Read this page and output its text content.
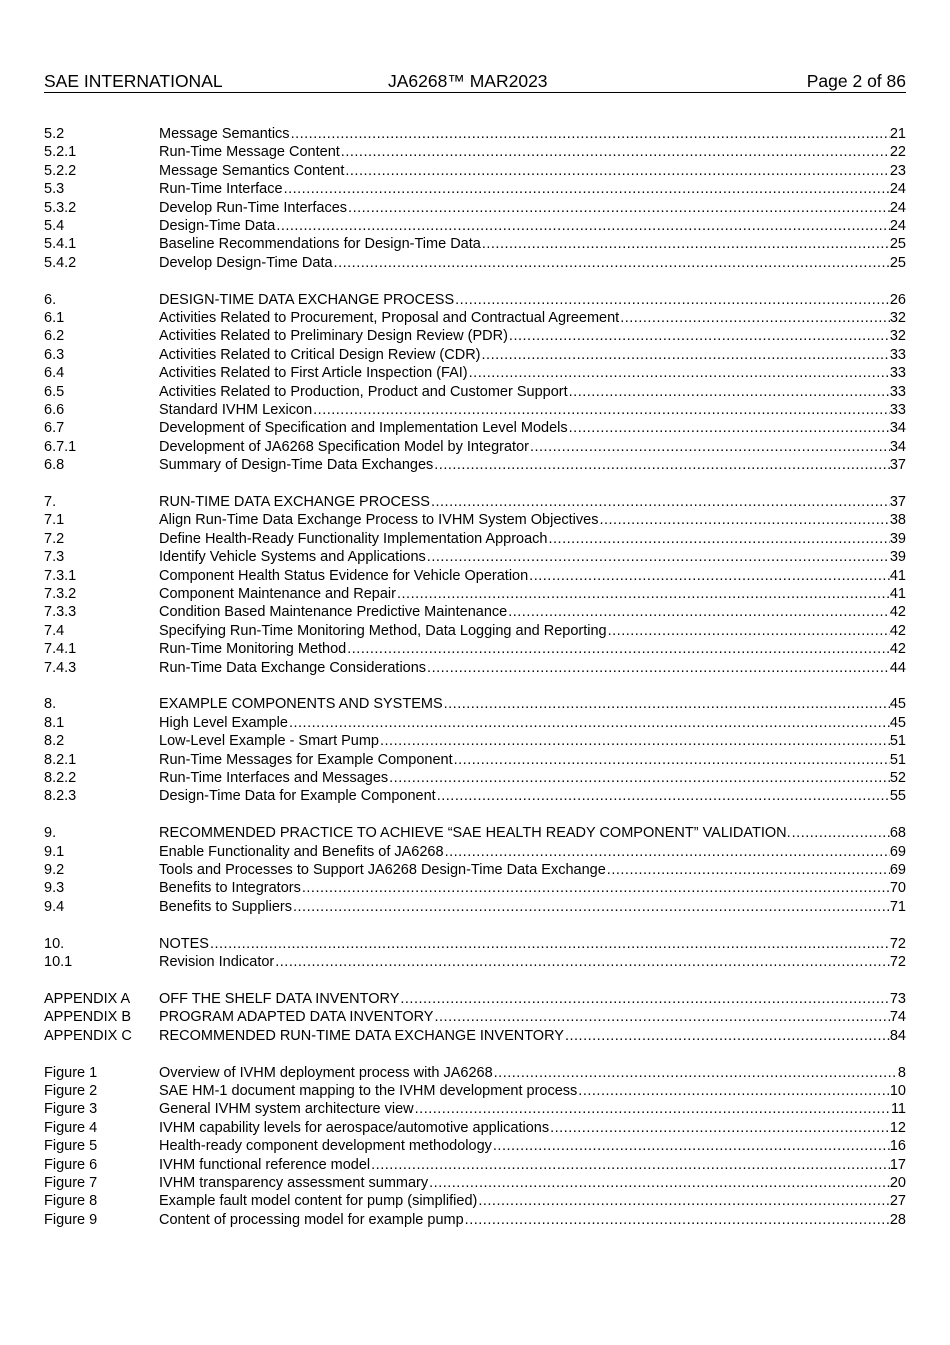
SAE INTERNATIONAL	JA6268™ MAR2023	Page 2 of 86
5.2	Message Semantics .....	21
5.2.1	Run-Time Message Content .....	22
5.2.2	Message Semantics Content .....	23
5.3	Run-Time Interface .....	24
5.3.2	Develop Run-Time Interfaces .....	24
5.4	Design-Time Data .....	24
5.4.1	Baseline Recommendations for Design-Time Data .....	25
5.4.2	Develop Design-Time Data .....	25
6.	DESIGN-TIME DATA EXCHANGE PROCESS .....	26
6.1	Activities Related to Procurement, Proposal and Contractual Agreement .....	32
6.2	Activities Related to Preliminary Design Review (PDR) .....	32
6.3	Activities Related to Critical Design Review (CDR) .....	33
6.4	Activities Related to First Article Inspection (FAI) .....	33
6.5	Activities Related to Production, Product and Customer Support .....	33
6.6	Standard IVHM Lexicon .....	33
6.7	Development of Specification and Implementation Level Models .....	34
6.7.1	Development of JA6268 Specification Model by Integrator .....	34
6.8	Summary of Design-Time Data Exchanges .....	37
7.	RUN-TIME DATA EXCHANGE PROCESS .....	37
7.1	Align Run-Time Data Exchange Process to IVHM System Objectives .....	38
7.2	Define Health-Ready Functionality Implementation Approach .....	39
7.3	Identify Vehicle Systems and Applications .....	39
7.3.1	Component Health Status Evidence for Vehicle Operation .....	41
7.3.2	Component Maintenance and Repair .....	41
7.3.3	Condition Based Maintenance Predictive Maintenance .....	42
7.4	Specifying Run-Time Monitoring Method, Data Logging and Reporting .....	42
7.4.1	Run-Time Monitoring Method .....	42
7.4.3	Run-Time Data Exchange Considerations .....	44
8.	EXAMPLE COMPONENTS AND SYSTEMS .....	45
8.1	High Level Example .....	45
8.2	Low-Level Example - Smart Pump .....	51
8.2.1	Run-Time Messages for Example Component .....	51
8.2.2	Run-Time Interfaces and Messages .....	52
8.2.3	Design-Time Data for Example Component .....	55
9.	RECOMMENDED PRACTICE TO ACHIEVE “SAE HEALTH READY COMPONENT” VALIDATION. .....	68
9.1	Enable Functionality and Benefits of JA6268 .....	69
9.2	Tools and Processes to Support JA6268 Design-Time Data Exchange .....	69
9.3	Benefits to Integrators .....	70
9.4	Benefits to Suppliers .....	71
10.	NOTES .....	72
10.1	Revision Indicator .....	72
APPENDIX A OFF THE SHELF DATA INVENTORY .....	73
APPENDIX B PROGRAM ADAPTED DATA INVENTORY .....	74
APPENDIX C RECOMMENDED RUN-TIME DATA EXCHANGE INVENTORY .....	84
Figure 1	Overview of IVHM deployment process with JA6268 .....	8
Figure 2	SAE HM-1 document mapping to the IVHM development process .....	10
Figure 3	General IVHM system architecture view .....	11
Figure 4	IVHM capability levels for aerospace/automotive applications .....	12
Figure 5	Health-ready component development methodology .....	16
Figure 6	IVHM functional reference model .....	17
Figure 7	IVHM transparency assessment summary .....	20
Figure 8	Example fault model content for pump (simplified) .....	27
Figure 9	Content of processing model for example pump .....	28
